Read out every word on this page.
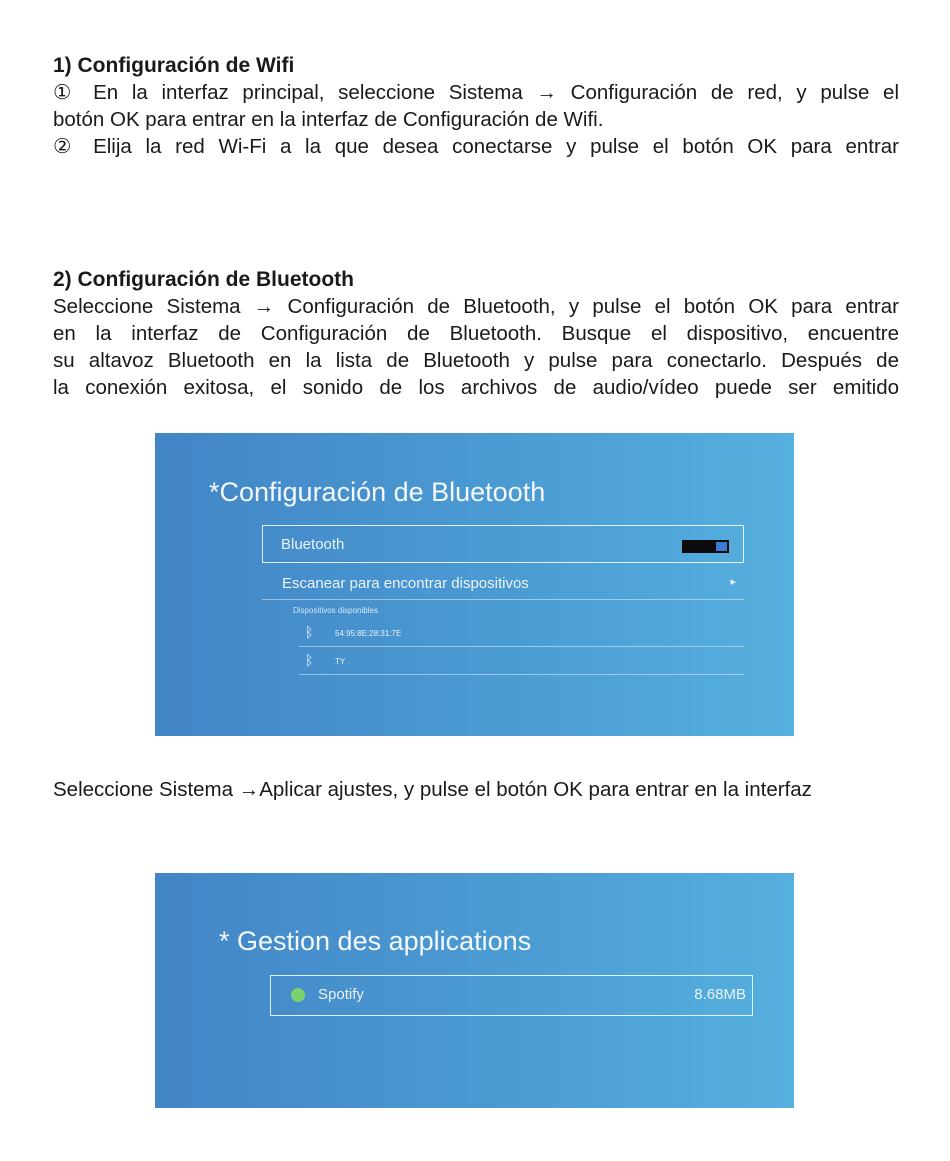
1) Configuración de Wifi
① En la interfaz principal, seleccione Sistema → Configuración de red, y pulse el
botón OK para entrar en la interfaz de Configuración de Wifi.
② Elija la red Wi-Fi a la que desea conectarse y pulse el botón OK para entrar
2) Configuración de Bluetooth
Seleccione Sistema → Configuración de Bluetooth, y pulse el botón OK para entrar
en la interfaz de Configuración de Bluetooth. Busque el dispositivo, encuentre
su altavoz Bluetooth en la lista de Bluetooth y pulse para conectarlo. Después de
la conexión exitosa, el sonido de los archivos de audio/vídeo puede ser emitido
*Configuración de Bluetooth
Bluetooth
Escanear para encontrar dispositivos	▸
Dispositivos disponibles
ᛒ	54:95:8E:28:31:7E
ᛒ	TY
Seleccione Sistema →Aplicar ajustes, y pulse el botón OK para entrar en la interfaz
* Gestion des applications
Spotify	8.68MB
